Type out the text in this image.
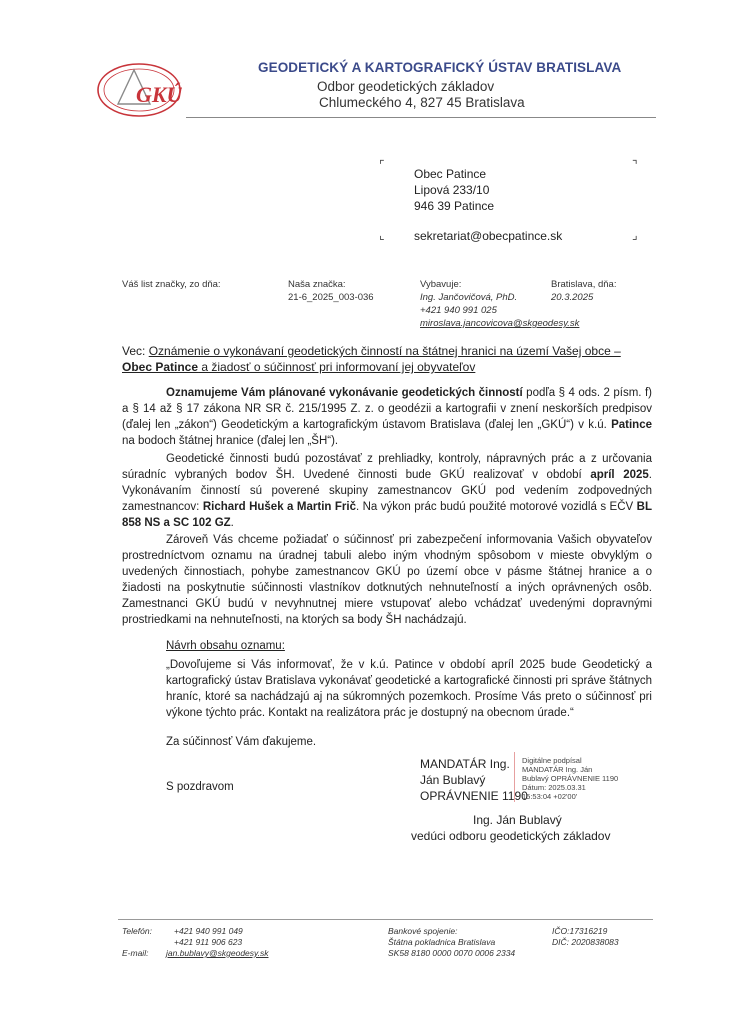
GKÚ
GEODETICKÝ A KARTOGRAFICKÝ ÚSTAV BRATISLAVA
Odbor geodetických základov
Chlumeckého 4, 827 45 Bratislava
⌜	⌝
⌞	⌟
Obec Patince
Lipová 233/10
946 39 Patince
sekretariat@obecpatince.sk
Váš list značky, zo dňa:	Naša značka:
21-6_2025_003-036
Vybavuje:
Ing. Jančovičová, PhD.
+421 940 991 025
miroslava.jancovicova@skgeodesy.sk
Bratislava, dňa:
20.3.2025
Vec: Oznámenie o vykonávaní geodetických činností na štátnej hranici na území Vašej obce –
Obec Patince a žiadosť o súčinnosť pri informovaní jej obyvateľov

Oznamujeme Vám plánované vykonávanie geodetických činností podľa § 4 ods. 2 písm. f) a § 14 až § 17 zákona NR SR č. 215/1995 Z. z. o geodézii a kartografii v znení neskorších predpisov (ďalej len „zákon“) Geodetickým a kartografickým ústavom Bratislava (ďalej len „GKÚ“) v k.ú. Patince na bodoch štátnej hranice (ďalej len „ŠH“).

Geodetické činnosti budú pozostávať z prehliadky, kontroly, nápravných prác a z určovania súradníc vybraných bodov ŠH. Uvedené činnosti bude GKÚ realizovať v období apríl 2025. Vykonávaním činností sú poverené skupiny zamestnancov GKÚ pod vedením zodpovedných zamestnancov: Richard Hušek a Martin Frič. Na výkon prác budú použité motorové vozidlá s EČV BL 858 NS a SC 102 GZ.

Zároveň Vás chceme požiadať o súčinnosť pri zabezpečení informovania Vašich obyvateľov prostredníctvom oznamu na úradnej tabuli alebo iným vhodným spôsobom v mieste obvyklým o uvedených činnostiach, pohybe zamestnancov GKÚ po území obce v pásme štátnej hranice a o žiadosti na poskytnutie súčinnosti vlastníkov dotknutých nehnuteľností a iných oprávnených osôb. Zamestnanci GKÚ budú v nevyhnutnej miere vstupovať alebo vchádzať uvedenými dopravnými prostriedkami na nehnuteľnosti, na ktorých sa body ŠH nachádzajú.

Návrh obsahu oznamu:

„Dovoľujeme si Vás informovať, že v k.ú. Patince v období apríl 2025 bude Geodetický a kartografický ústav Bratislava vykonávať geodetické a kartografické činnosti pri správe štátnych hraníc, ktoré sa nachádzajú aj na súkromných pozemkoch. Prosíme Vás preto o súčinnosť pri výkone týchto prác. Kontakt na realizátora prác je dostupný na obecnom úrade.“

Za súčinnosť Vám ďakujeme.
S pozdravom
MANDATÁR Ing.
Ján Bublavý
OPRÁVNENIE 1190
Digitálne podpísal
MANDATÁR Ing. Ján
Bublavý OPRÁVNENIE 1190
Dátum: 2025.03.31
15:53:04 +02'00'
Ing. Ján Bublavý
vedúci odboru geodetických základov
Telefón:	+421 940 991 049
+421 911 906 623
E-mail: jan.bublavy@skgeodesy.sk
Bankové spojenie:
Štátna pokladnica Bratislava
SK58 8180 0000 0070 0006 2334
IČO:17316219
DIČ: 2020838083
